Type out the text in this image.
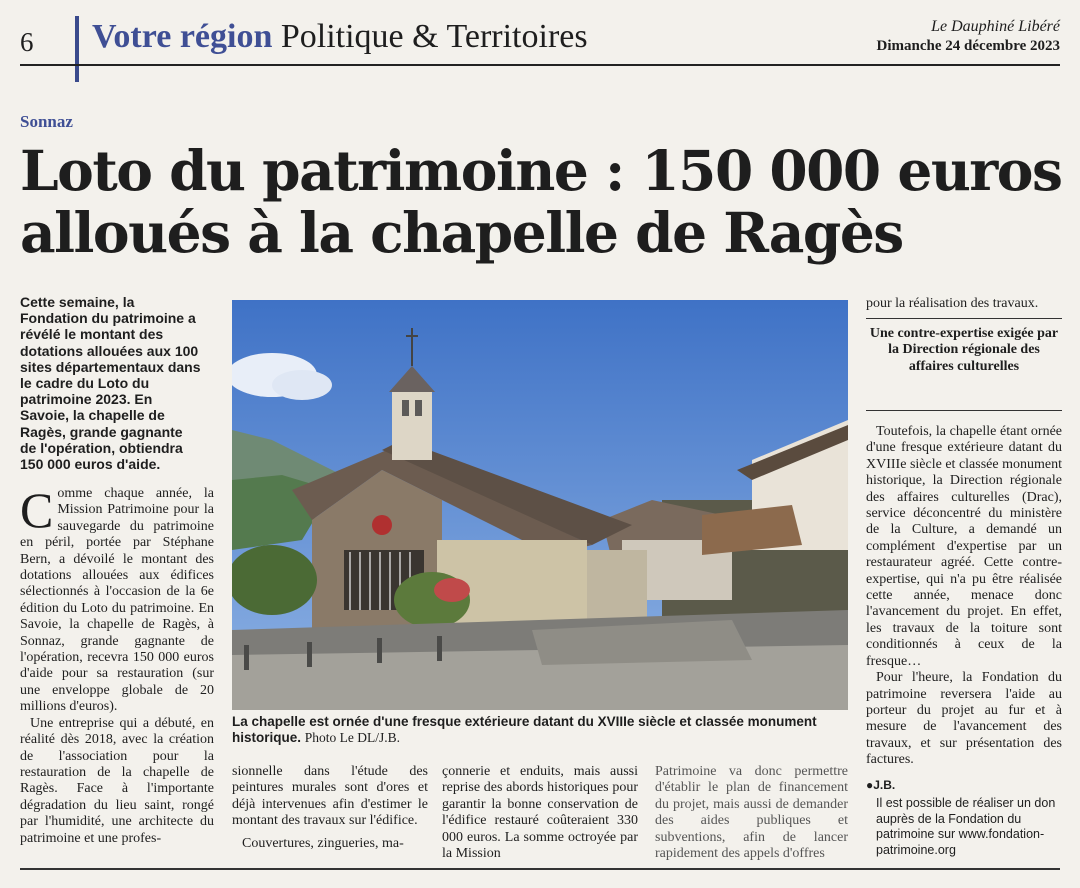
6 Votre région Politique & Territoires	Le Dauphiné Libéré
Dimanche 24 décembre 2023
Sonnaz
Loto du patrimoine : 150 000 euros alloués à la chapelle de Ragès
Cette semaine, la Fondation du patrimoine a révélé le montant des dotations allouées aux 100 sites départementaux dans le cadre du Loto du patrimoine 2023. En Savoie, la chapelle de Ragès, grande gagnante de l'opération, obtiendra 150 000 euros d'aide.

Comme chaque année, la Mission Patrimoine pour la sauvegarde du patrimoine en péril, portée par Stéphane Bern, a dévoilé le montant des dotations allouées aux édifices sélectionnés à l'occasion de la 6e édition du Loto du patrimoine. En Savoie, la chapelle de Ragès, à Sonnaz, grande gagnante de l'opération, recevra 150 000 euros d'aide pour sa restauration (sur une enveloppe globale de 20 millions d'euros).

Une entreprise qui a débuté, en réalité dès 2018, avec la création de l'association pour la restauration de la chapelle de Ragès. Face à l'importante dégradation du lieu saint, rongé par l'humidité, une architecte du patrimoine et une profes-

La chapelle est ornée d'une fresque extérieure datant du XVIIIe siècle et classée monument historique. Photo Le DL/J.B.

sionnelle dans l'étude des peintures murales sont d'ores et déjà intervenues afin d'estimer le montant des travaux sur l'édifice.

Couvertures, zingueries, ma-

çonnerie et enduits, mais aussi reprise des abords historiques pour garantir la bonne conservation de l'édifice restauré coûteraient 330 000 euros. La somme octroyée par la Mission
Patrimoine va donc permettre d'établir le plan de financement du projet, mais aussi de demander des aides publiques et subventions, afin de lancer rapidement des appels d'offres
pour la réalisation des travaux.
Une contre-expertise exigée par la Direction régionale des affaires culturelles

Toutefois, la chapelle étant ornée d'une fresque extérieure datant du XVIIIe siècle et classée monument historique, la Direction régionale des affaires culturelles (Drac), service déconcentré du ministère de la Culture, a demandé un complément d'expertise par un restaurateur agréé. Cette contre-expertise, qui n'a pu être réalisée cette année, menace donc l'avancement du projet. En effet, les travaux de la toiture sont conditionnés à ceux de la fresque…

Pour l'heure, la Fondation du patrimoine reversera l'aide au porteur du projet au fur et à mesure de l'avancement des travaux, et sur présentation des factures.

●J.B.
Il est possible de réaliser un don auprès de la Fondation du patrimoine sur www.fondation-patrimoine.org
